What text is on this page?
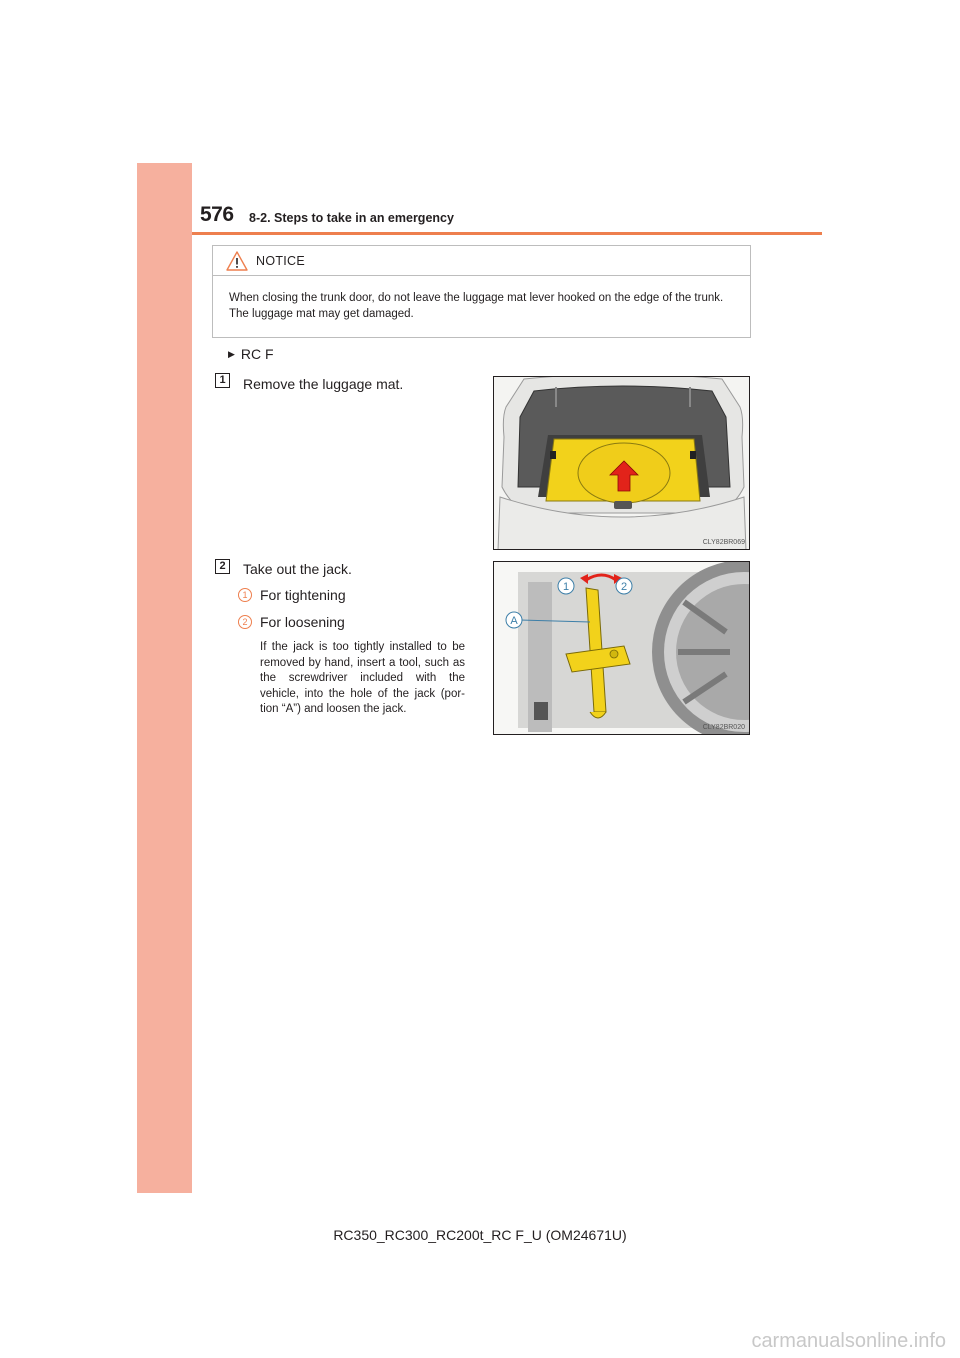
576 8-2. Steps to take in an emergency
NOTICE
When closing the trunk door, do not leave the luggage mat lever hooked on the edge of the trunk. The luggage mat may get damaged.
▶ RC F
1	Remove the luggage mat.
CLY82BR069
2	Take out the jack.
1 For tightening
2 For loosening
If the jack is too tightly installed to be removed by hand, insert a tool, such as the screwdriver included with the vehicle, into the hole of the jack (por- tion “A”) and loosen the jack.
1	2
A
CLY82BR020
RC350_RC300_RC200t_RC F_U (OM24671U)
carmanualsonline.info
